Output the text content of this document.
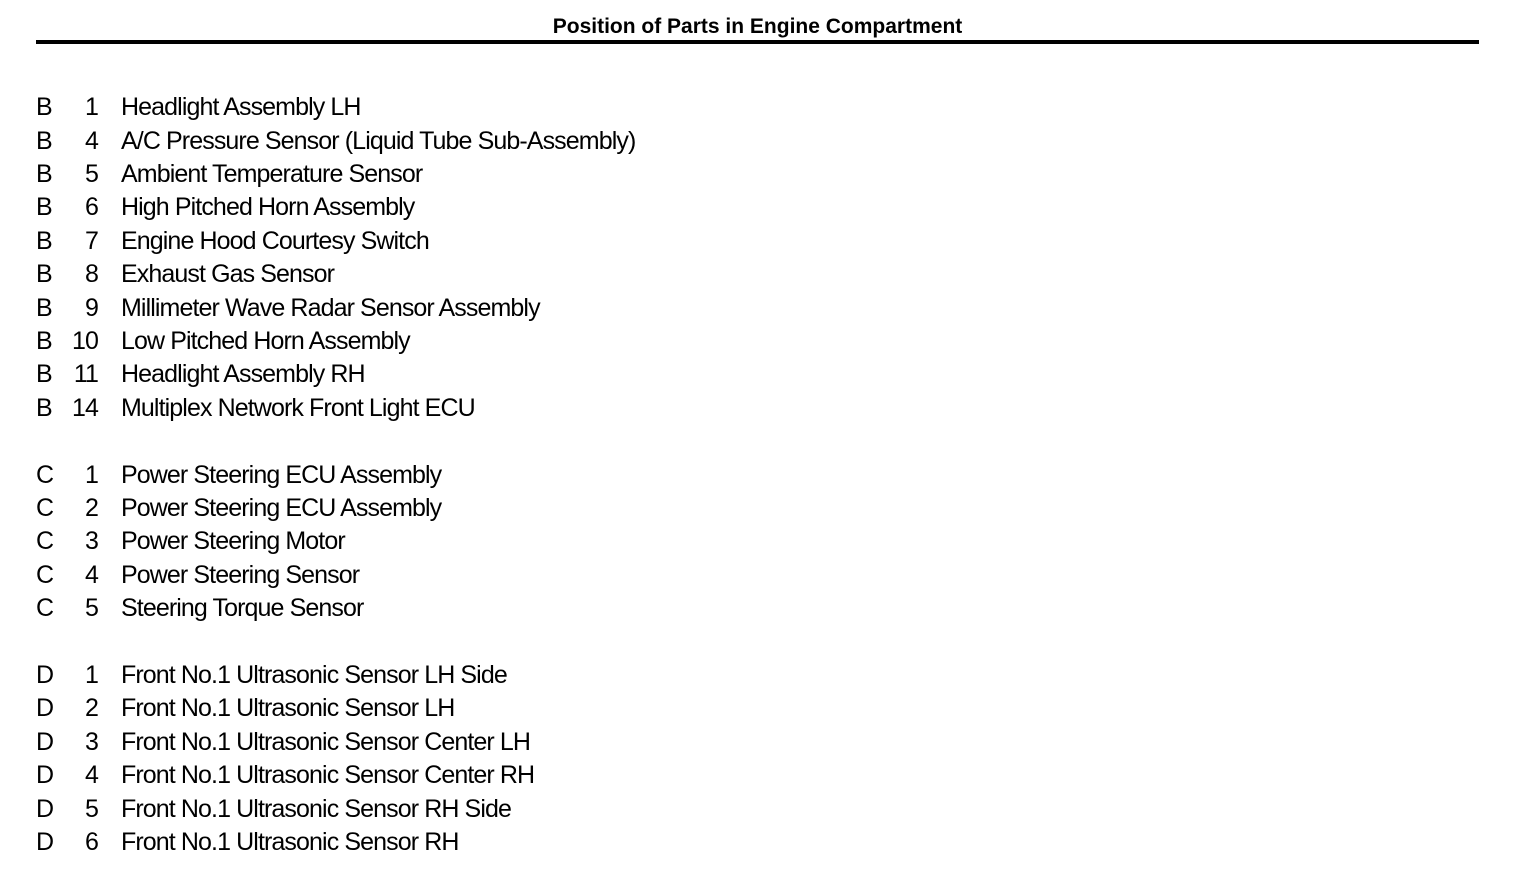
Position of Parts in Engine Compartment
B	1 Headlight Assembly LH
B	4 A/C Pressure Sensor (Liquid Tube Sub-Assembly)
B	5 Ambient Temperature Sensor
B	6 High Pitched Horn Assembly
B	7 Engine Hood Courtesy Switch
B	8 Exhaust Gas Sensor
B	9 Millimeter Wave Radar Sensor Assembly
B 10 Low Pitched Horn Assembly
B 11 Headlight Assembly RH
B 14 Multiplex Network Front Light ECU
C	1 Power Steering ECU Assembly
C	2 Power Steering ECU Assembly
C	3 Power Steering Motor
C	4 Power Steering Sensor
C	5 Steering Torque Sensor
D	1 Front No.1 Ultrasonic Sensor LH Side
D	2 Front No.1 Ultrasonic Sensor LH
D	3 Front No.1 Ultrasonic Sensor Center LH
D	4 Front No.1 Ultrasonic Sensor Center RH
D	5 Front No.1 Ultrasonic Sensor RH Side
D	6 Front No.1 Ultrasonic Sensor RH
